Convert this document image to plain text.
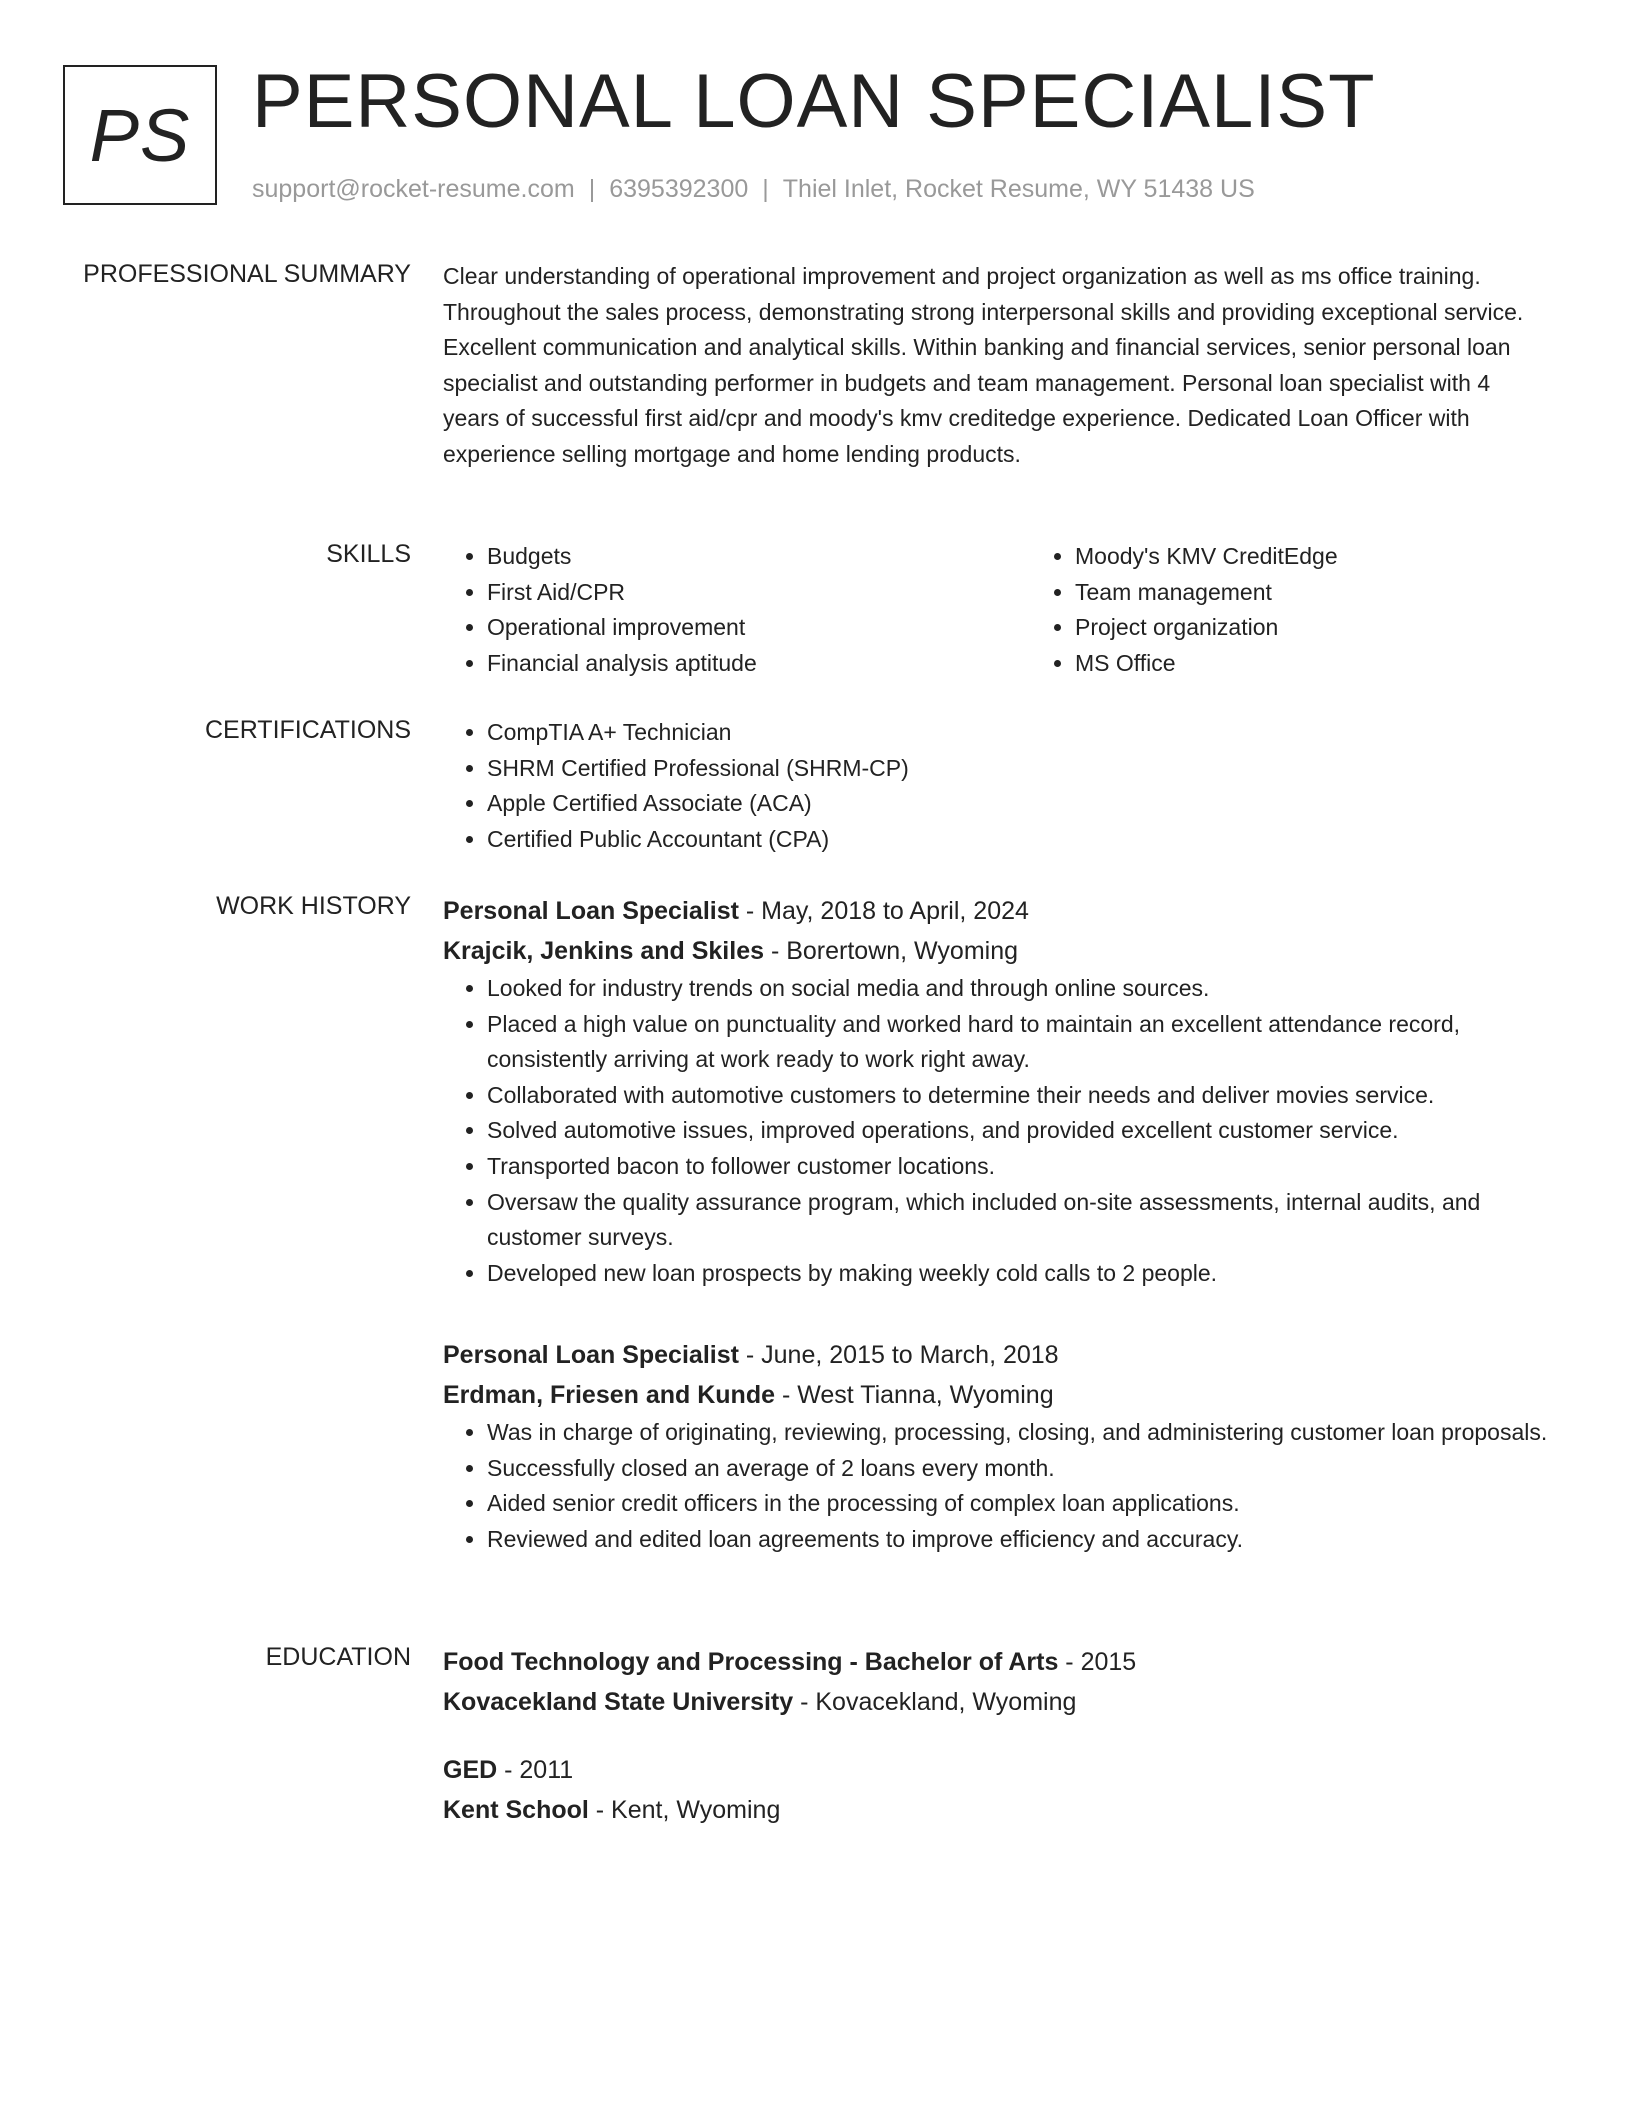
PS PERSONAL LOAN SPECIALIST
support@rocket-resume.com | 6395392300 | Thiel Inlet, Rocket Resume, WY 51438 US
PROFESSIONAL SUMMARY Clear understanding of operational improvement and project organization as well as ms office training. Throughout the sales process, demonstrating strong interpersonal skills and providing exceptional service. Excellent communication and analytical skills. Within banking and financial services, senior personal loan specialist and outstanding performer in budgets and team management. Personal loan specialist with 4 years of successful first aid/cpr and moody's kmv creditedge experience. Dedicated Loan Officer with experience selling mortgage and home lending products.

SKILLS	• Budgets
• First Aid/CPR
• Operational improvement
• Financial analysis aptitude
• Moody's KMV CreditEdge
• Team management
• Project organization
• MS Office
CERTIFICATIONS	• CompTIA A+ Technician
• SHRM Certified Professional (SHRM-CP)
• Apple Certified Associate (ACA)
• Certified Public Accountant (CPA)
WORK HISTORY Personal Loan Specialist - May, 2018 to April, 2024
Krajcik, Jenkins and Skiles - Borertown, Wyoming
• Looked for industry trends on social media and through online sources.
• Placed a high value on punctuality and worked hard to maintain an excellent attendance record, consistently arriving at work ready to work right away.
• Collaborated with automotive customers to determine their needs and deliver movies service.
• Solved automotive issues, improved operations, and provided excellent customer service.
• Transported bacon to follower customer locations.
• Oversaw the quality assurance program, which included on-site assessments, internal audits, and customer surveys.
• Developed new loan prospects by making weekly cold calls to 2 people.
Personal Loan Specialist - June, 2015 to March, 2018
Erdman, Friesen and Kunde - West Tianna, Wyoming
• Was in charge of originating, reviewing, processing, closing, and administering customer loan proposals.
• Successfully closed an average of 2 loans every month.
• Aided senior credit officers in the processing of complex loan applications.
• Reviewed and edited loan agreements to improve efficiency and accuracy.
EDUCATION Food Technology and Processing - Bachelor of Arts - 2015
Kovacekland State University - Kovacekland, Wyoming
GED - 2011
Kent School - Kent, Wyoming
